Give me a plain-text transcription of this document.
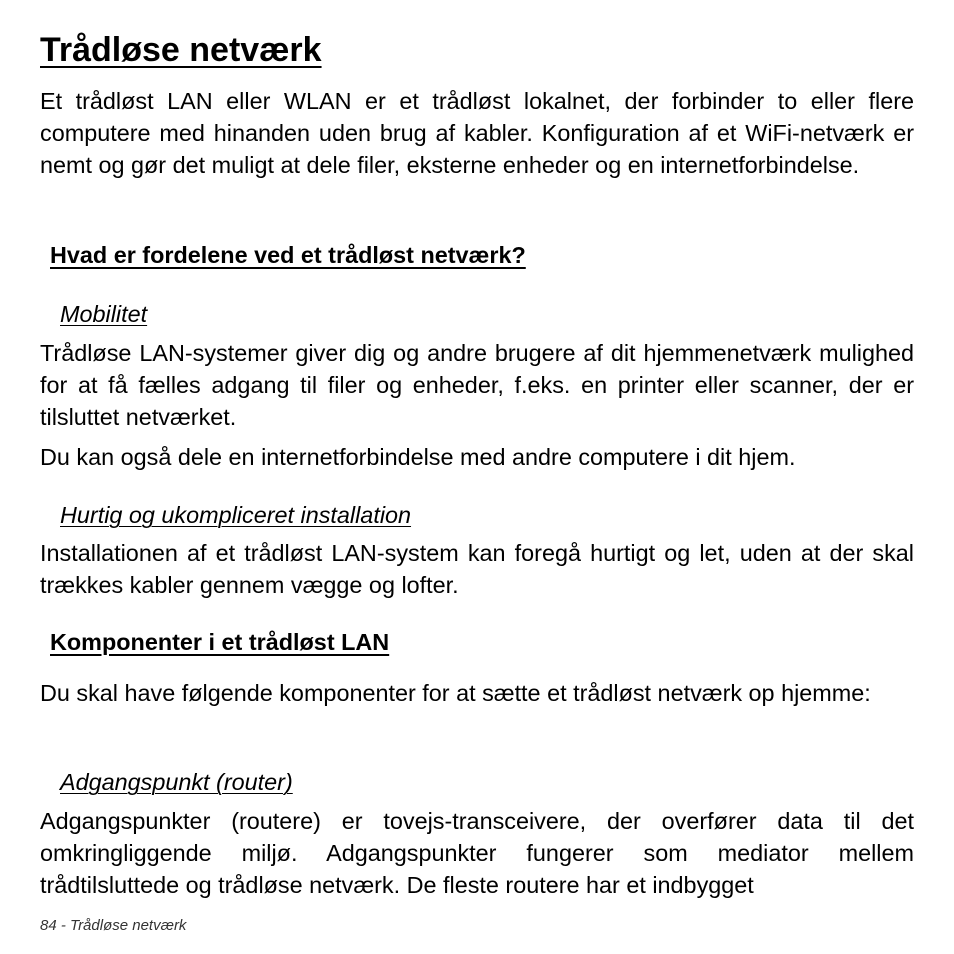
Trådløse netværk

Et trådløst LAN eller WLAN er et trådløst lokalnet, der forbinder to eller flere computere med hinanden uden brug af kabler. Konfiguration af et WiFi-netværk er nemt og gør det muligt at dele filer, eksterne enheder og en internetforbindelse.

Hvad er fordelene ved et trådløst netværk?
Mobilitet

Trådløse LAN-systemer giver dig og andre brugere af dit hjemmenetværk mulighed for at få fælles adgang til filer og enheder, f.eks. en printer eller scanner, der er tilsluttet netværket.

Du kan også dele en internetforbindelse med andre computere i dit hjem.

Hurtig og ukompliceret installation

Installationen af et trådløst LAN-system kan foregå hurtigt og let, uden at der skal trækkes kabler gennem vægge og lofter.

Komponenter i et trådløst LAN

Du skal have følgende komponenter for at sætte et trådløst netværk op hjemme:

Adgangspunkt (router)

Adgangspunkter (routere) er tovejs-transceivere, der overfører data til det omkringliggende miljø. Adgangspunkter fungerer som mediator mellem trådtilsluttede og trådløse netværk. De fleste routere har et indbygget

84 - Trådløse netværk
